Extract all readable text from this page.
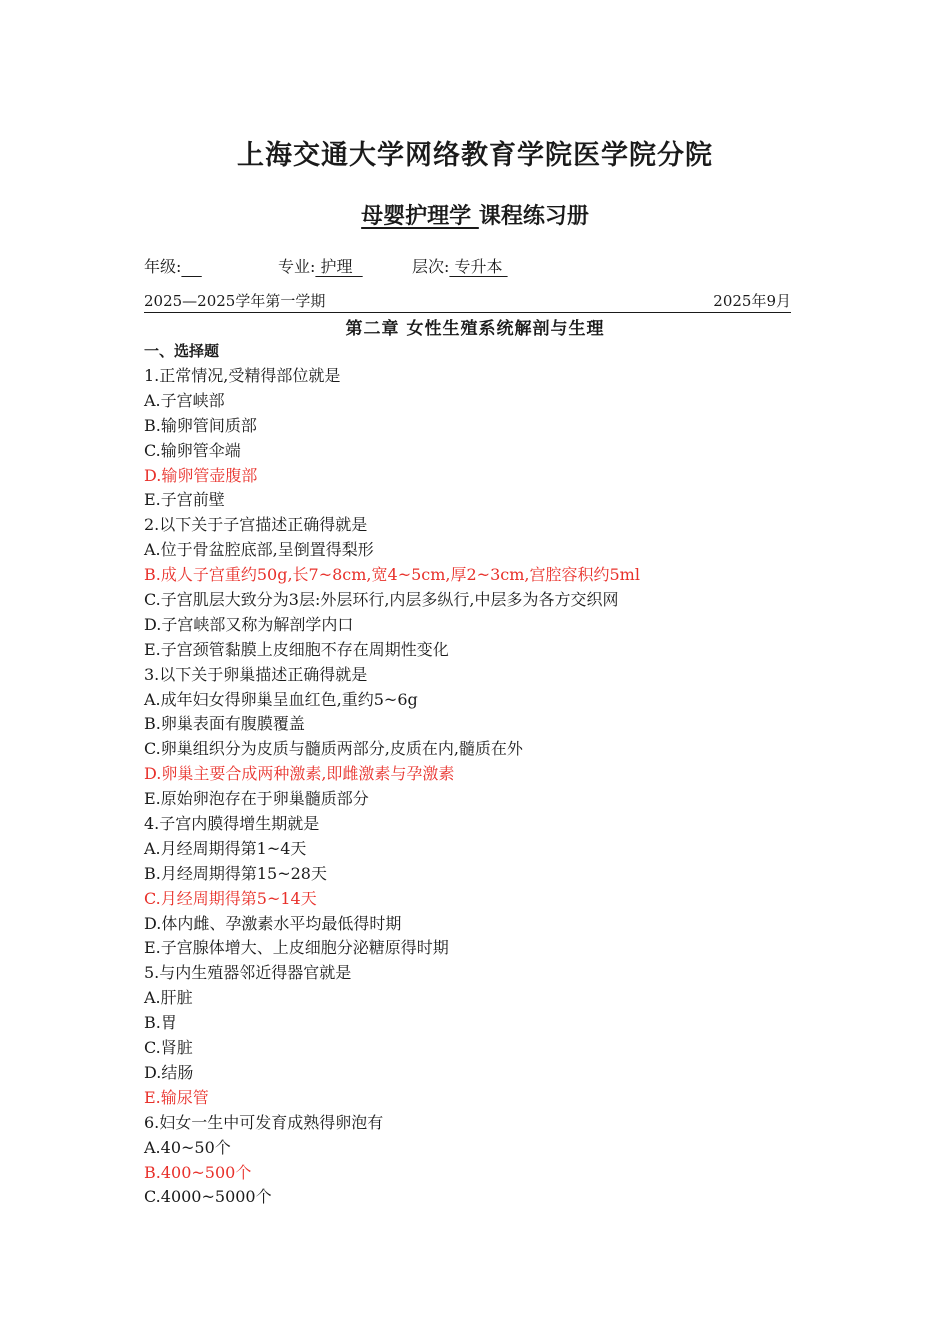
上海交通大学网络教育学院医学院分院
母婴护理学 课程练习册
年级:	专业: 护理	层次: 专升本
2025—2025学年第一学期	2025年9月
第二章 女性生殖系统解剖与生理
一、选择题
1.正常情况,受精得部位就是
A.子宫峡部
B.输卵管间质部
C.输卵管伞端
D.输卵管壶腹部
E.子宫前壁
2.以下关于子宫描述正确得就是
A.位于骨盆腔底部,呈倒置得梨形
B.成人子宫重约50g,长7~8cm,宽4~5cm,厚2~3cm,宫腔容积约5ml
C.子宫肌层大致分为3层:外层环行,内层多纵行,中层多为各方交织网
D.子宫峡部又称为解剖学内口
E.子宫颈管黏膜上皮细胞不存在周期性变化
3.以下关于卵巢描述正确得就是
A.成年妇女得卵巢呈血红色,重约5~6g
B.卵巢表面有腹膜覆盖
C.卵巢组织分为皮质与髓质两部分,皮质在内,髓质在外
D.卵巢主要合成两种激素,即雌激素与孕激素
E.原始卵泡存在于卵巢髓质部分
4.子宫内膜得增生期就是
A.月经周期得第1~4天
B.月经周期得第15~28天
C.月经周期得第5~14天
D.体内雌、孕激素水平均最低得时期
E.子宫腺体增大、上皮细胞分泌糖原得时期
5.与内生殖器邻近得器官就是
A.肝脏
B.胃
C.肾脏
D.结肠
E.输尿管
6.妇女一生中可发育成熟得卵泡有
A.40~50个
B.400~500个
C.4000~5000个
